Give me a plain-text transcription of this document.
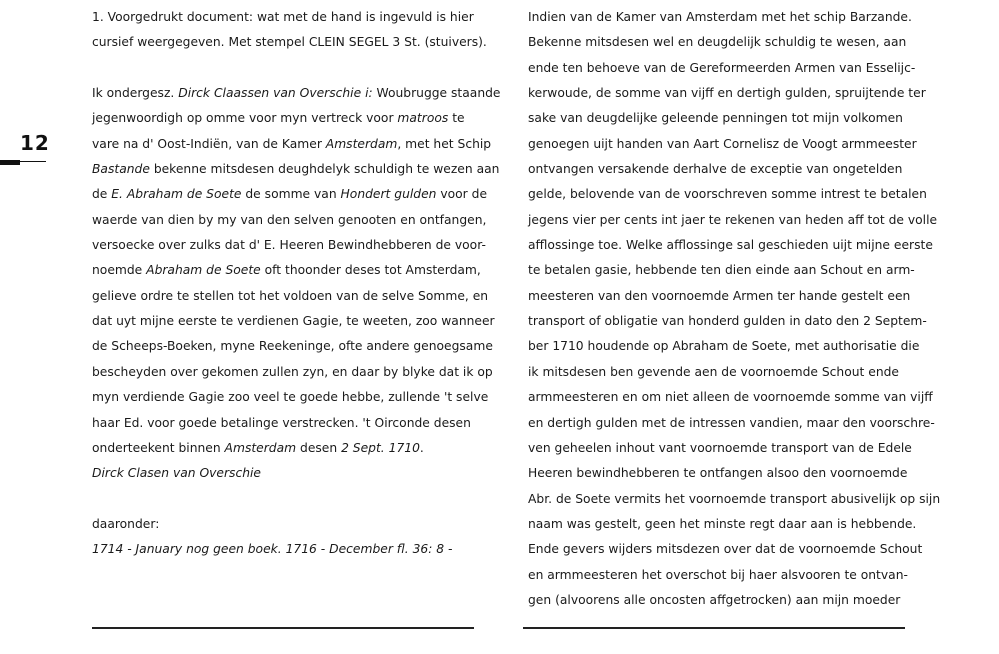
12
1. Voorgedrukt document: wat met de hand is ingevuld is hier
cursief weergegeven. Met stempel CLEIN SEGEL 3 St. (stuivers).
Ik ondergesz. Dirck Claassen van Overschie i: Woubrugge staande
jegenwoordigh op omme voor myn vertreck voor matroos te
vare na d' Oost-Indiën, van de Kamer Amsterdam, met het Schip
Bastande bekenne mitsdesen deughdelyk schuldigh te wezen aan
de E. Abraham de Soete de somme van Hondert gulden voor de
waerde van dien by my van den selven genooten en ontfangen,
versoecke over zulks dat d' E. Heeren Bewindhebberen de voor-
noemde Abraham de Soete oft thoonder deses tot Amsterdam,
gelieve ordre te stellen tot het voldoen van de selve Somme, en
dat uyt mijne eerste te verdienen Gagie, te weeten, zoo wanneer
de Scheeps-Boeken, myne Reekeninge, ofte andere genoegsame
bescheyden over gekomen zullen zyn, en daar by blyke dat ik op
myn verdiende Gagie zoo veel te goede hebbe, zullende 't selve
haar Ed. voor goede betalinge verstrecken. 't Oirconde desen
onderteekent binnen Amsterdam desen 2 Sept. 1710.
Dirck Clasen van Overschie
daaronder:
1714 - January nog geen boek. 1716 - December fl. 36: 8 -
Indien van de Kamer van Amsterdam met het schip Barzande.
Bekenne mitsdesen wel en deugdelijk schuldig te wesen, aan
ende ten behoeve van de Gereformeerden Armen van Esselijc-
kerwoude, de somme van vijff en dertigh gulden, spruijtende ter
sake van deugdelijke geleende penningen tot mijn volkomen
genoegen uijt handen van Aart Cornelisz de Voogt armmeester
ontvangen versakende derhalve de exceptie van ongetelden
gelde, belovende van de voorschreven somme intrest te betalen
jegens vier per cents int jaer te rekenen van heden aff tot de volle
afflossinge toe. Welke afflossinge sal geschieden uijt mijne eerste
te betalen gasie, hebbende ten dien einde aan Schout en arm-
meesteren van den voornoemde Armen ter hande gestelt een
transport of obligatie van honderd gulden in dato den 2 Septem-
ber 1710 houdende op Abraham de Soete, met authorisatie die
ik mitsdesen ben gevende aen de voornoemde Schout ende
armmeesteren en om niet alleen de voornoemde somme van vijff
en dertigh gulden met de intressen vandien, maar den voorschre-
ven geheelen inhout vant voornoemde transport van de Edele
Heeren bewindhebberen te ontfangen alsoo den voornoemde
Abr. de Soete vermits het voornoemde transport abusivelijk op sijn
naam was gestelt, geen het minste regt daar aan is hebbende.
Ende gevers wijders mitsdezen over dat de voornoemde Schout
en armmeesteren het overschot bij haer alsvooren te ontvan-
gen (alvoorens alle oncosten affgetrocken) aan mijn moeder
